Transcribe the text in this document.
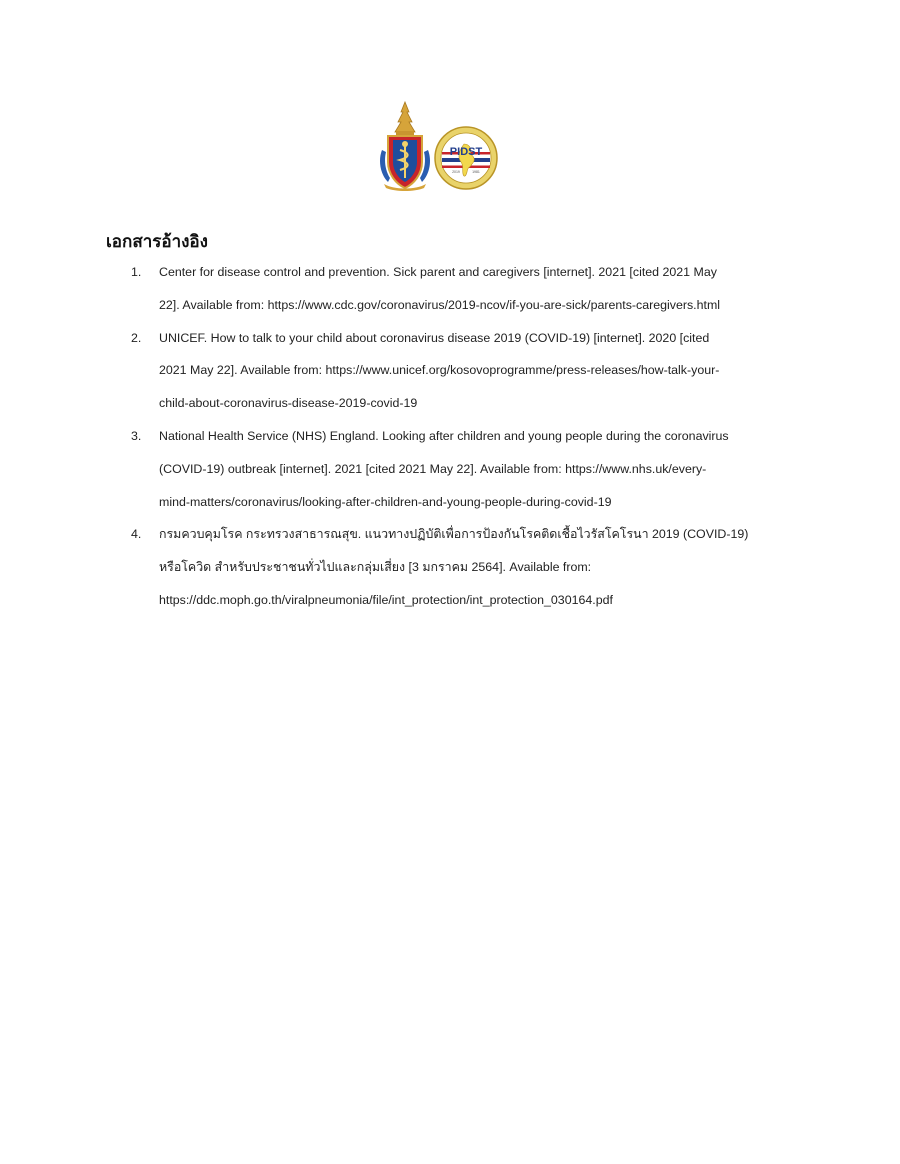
PIDST
2019	1981
เอกสารอ้างอิง
1. Center for disease control and prevention. Sick parent and caregivers [internet]. 2021 [cited 2021 May
22]. Available from: https://www.cdc.gov/coronavirus/2019-ncov/if-you-are-sick/parents-caregivers.html
2. UNICEF. How to talk to your child about coronavirus disease 2019 (COVID-19) [internet]. 2020 [cited
2021 May 22]. Available from: https://www.unicef.org/kosovoprogramme/press-releases/how-talk-your-
child-about-coronavirus-disease-2019-covid-19
3. National Health Service (NHS) England. Looking after children and young people during the coronavirus
(COVID-19) outbreak [internet]. 2021 [cited 2021 May 22]. Available from: https://www.nhs.uk/every-
mind-matters/coronavirus/looking-after-children-and-young-people-during-covid-19
4. กรมควบคุมโรค กระทรวงสาธารณสุข. แนวทางปฏิบัติเพื่อการป้องกันโรคติดเชื้อไวรัสโคโรนา 2019 (COVID-19)
หรือโควิด สำหรับประชาชนทั่วไปและกลุ่มเสี่ยง [3 มกราคม 2564]. Available from:
https://ddc.moph.go.th/viralpneumonia/file/int_protection/int_protection_030164.pdf
